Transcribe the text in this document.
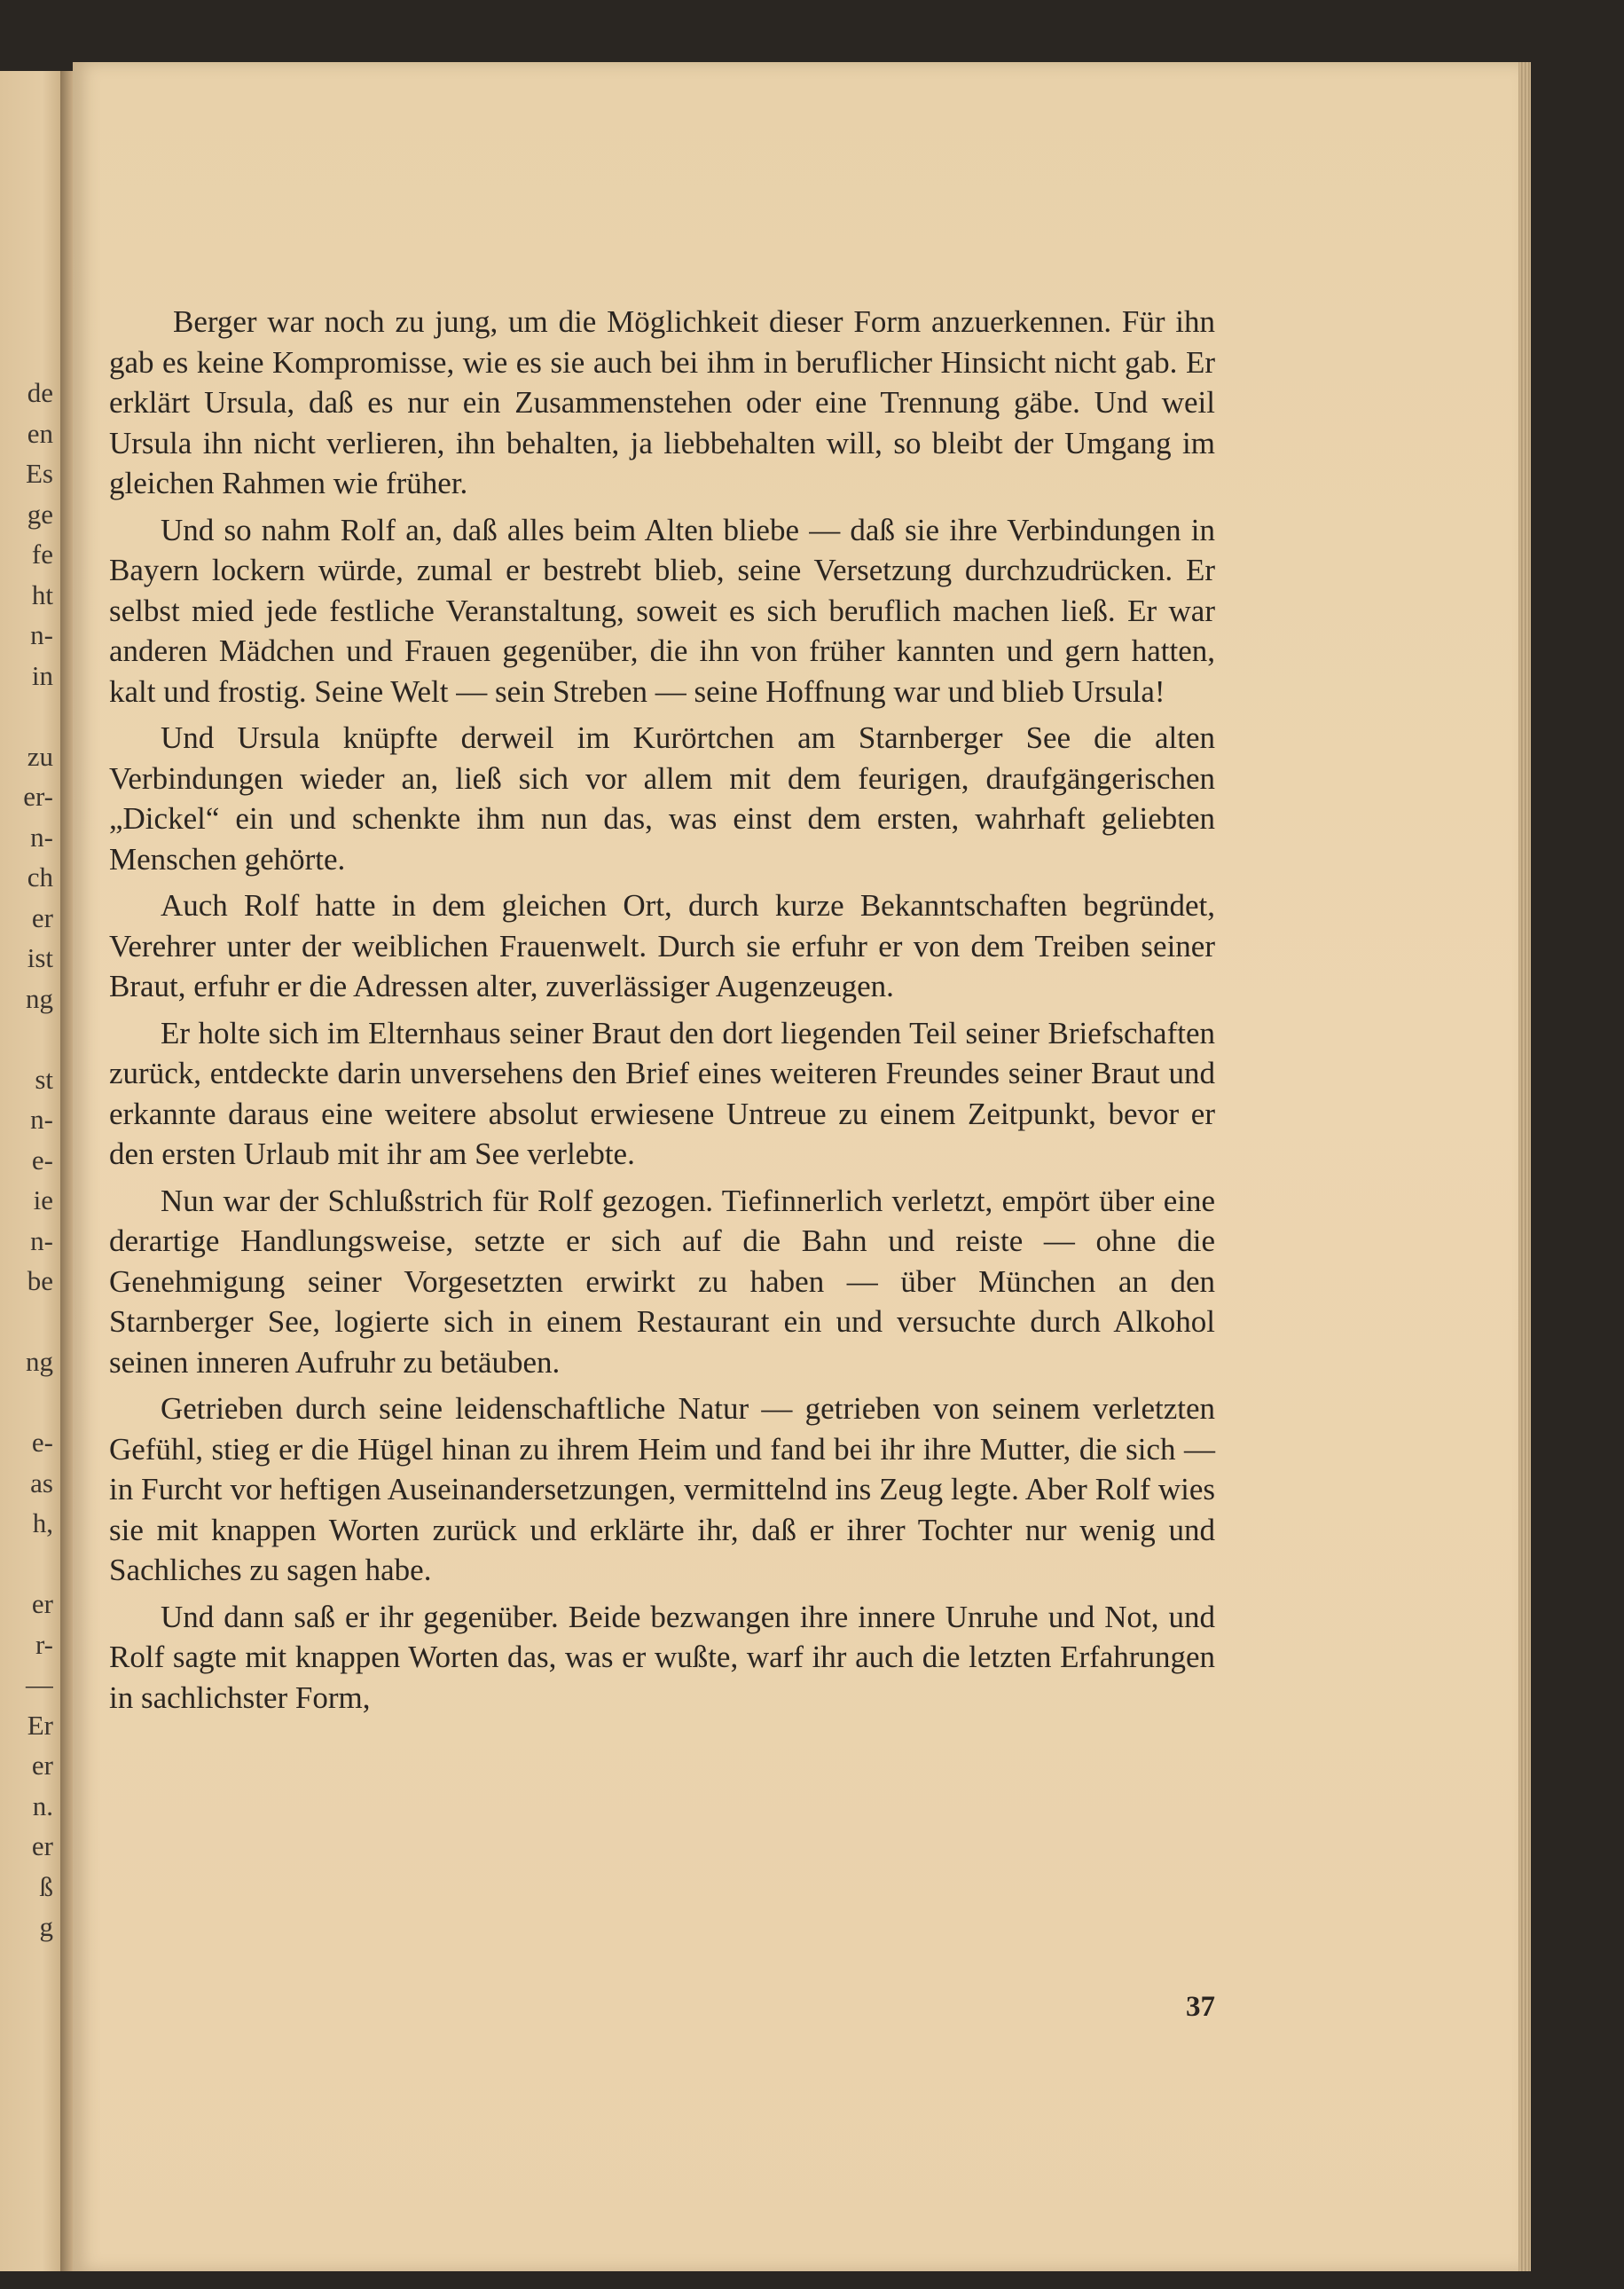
de
en
Es
ge
fe
ht
n-
in

zu
er-
n-
ch
er
ist
ng

st
n-
e-
ie
n-
be

ng

e-
as
h,

er
r-
—
Er
er
n.
er
ß
g

Berger war noch zu jung, um die Möglichkeit dieser Form anzuerkennen. Für ihn gab es keine Kompromisse, wie es sie auch bei ihm in beruflicher Hinsicht nicht gab. Er erklärt Ursula, daß es nur ein Zusammenstehen oder eine Trennung gäbe. Und weil Ursula ihn nicht verlieren, ihn behalten, ja liebbehalten will, so bleibt der Umgang im gleichen Rahmen wie früher.

Und so nahm Rolf an, daß alles beim Alten bliebe — daß sie ihre Verbindungen in Bayern lockern würde, zumal er bestrebt blieb, seine Versetzung durchzudrücken. Er selbst mied jede festliche Veranstaltung, soweit es sich beruflich machen ließ. Er war anderen Mädchen und Frauen gegenüber, die ihn von früher kannten und gern hatten, kalt und frostig. Seine Welt — sein Streben — seine Hoffnung war und blieb Ursula!

Und Ursula knüpfte derweil im Kurörtchen am Starnberger See die alten Verbindungen wieder an, ließ sich vor allem mit dem feurigen, draufgängerischen „Dickel“ ein und schenkte ihm nun das, was einst dem ersten, wahrhaft geliebten Menschen gehörte.

Auch Rolf hatte in dem gleichen Ort, durch kurze Bekanntschaften begründet, Verehrer unter der weiblichen Frauenwelt. Durch sie erfuhr er von dem Treiben seiner Braut, erfuhr er die Adressen alter, zuverlässiger Augenzeugen.

Er holte sich im Elternhaus seiner Braut den dort liegenden Teil seiner Briefschaften zurück, entdeckte darin unversehens den Brief eines weiteren Freundes seiner Braut und erkannte daraus eine weitere absolut erwiesene Untreue zu einem Zeitpunkt, bevor er den ersten Urlaub mit ihr am See verlebte.

Nun war der Schlußstrich für Rolf gezogen. Tiefinnerlich verletzt, empört über eine derartige Handlungsweise, setzte er sich auf die Bahn und reiste — ohne die Genehmigung seiner Vorgesetzten erwirkt zu haben — über München an den Starnberger See, logierte sich in einem Restaurant ein und versuchte durch Alkohol seinen inneren Aufruhr zu betäuben.

Getrieben durch seine leidenschaftliche Natur — getrieben von seinem verletzten Gefühl, stieg er die Hügel hinan zu ihrem Heim und fand bei ihr ihre Mutter, die sich — in Furcht vor heftigen Auseinandersetzungen, vermittelnd ins Zeug legte. Aber Rolf wies sie mit knappen Worten zurück und erklärte ihr, daß er ihrer Tochter nur wenig und Sachliches zu sagen habe.

Und dann saß er ihr gegenüber. Beide bezwangen ihre innere Unruhe und Not, und Rolf sagte mit knappen Worten das, was er wußte, warf ihr auch die letzten Erfahrungen in sachlichster Form,

37
